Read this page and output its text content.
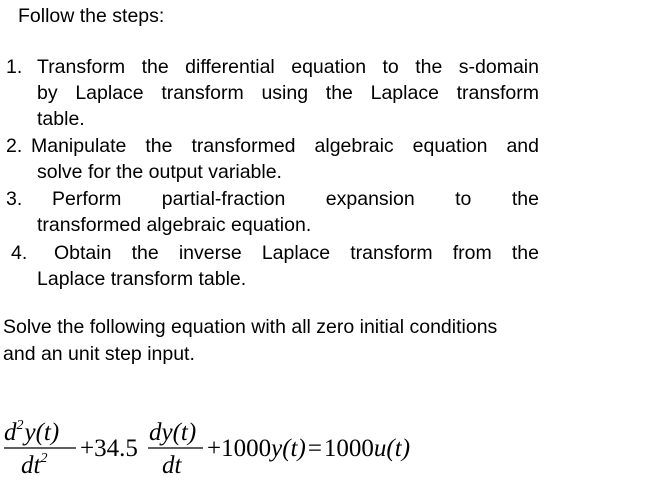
Follow the steps:
1. Transform the differential equation to the s-domain
by Laplace transform using the Laplace transform
table.
2. Manipulate the transformed algebraic equation and
solve for the output variable.
3. Perform partial-fraction expansion to the
transformed algebraic equation.
4. Obtain the inverse Laplace transform from the
Laplace transform table.
Solve the following equation with all zero initial conditions
and an unit step input.
$d^2y(t)$
$dt^2 +34.5$
dy(t)
dt
+1000y(t)=1000u(t)
